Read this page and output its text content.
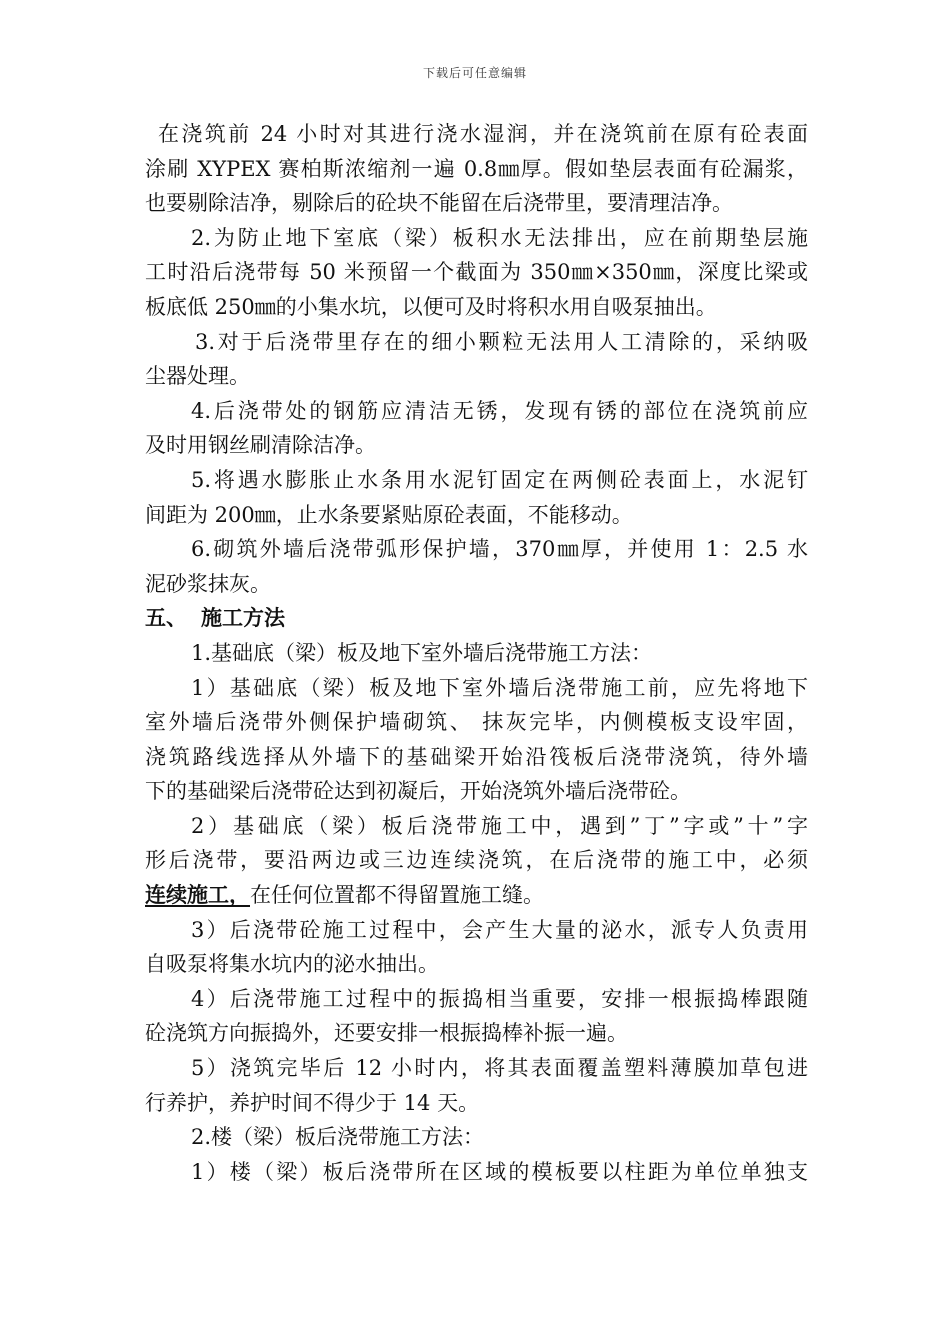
下载后可任意编辑
在浇筑前 24 小时对其进行浇水湿润，并在浇筑前在原有砼表面
涂刷 XYPEX 赛柏斯浓缩剂一遍 0.8㎜厚。假如垫层表面有砼漏浆，
也要剔除洁净，剔除后的砼块不能留在后浇带里，要清理洁净。
2.为防止地下室底（梁）板积水无法排出，应在前期垫层施
工时沿后浇带每 50 米预留一个截面为 350㎜×350㎜，深度比梁或
板底低 250㎜的小集水坑，以便可及时将积水用自吸泵抽出。
3.对于后浇带里存在的细小颗粒无法用人工清除的，采纳吸
尘器处理。
4.后浇带处的钢筋应清洁无锈，发现有锈的部位在浇筑前应
及时用钢丝刷清除洁净。
5.将遇水膨胀止水条用水泥钉固定在两侧砼表面上，水泥钉
间距为 200㎜，止水条要紧贴原砼表面，不能移动。
6.砌筑外墙后浇带弧形保护墙，370㎜厚，并使用 1：2.5 水
泥砂浆抹灰。
五、 施工方法
1.基础底（梁）板及地下室外墙后浇带施工方法：
1）基础底（梁）板及地下室外墙后浇带施工前，应先将地下
室外墙后浇带外侧保护墙砌筑、 抹灰完毕，内侧模板支设牢固，
浇筑路线选择从外墙下的基础梁开始沿筏板后浇带浇筑，待外墙
下的基础梁后浇带砼达到初凝后，开始浇筑外墙后浇带砼。
2）基础底（梁）板后浇带施工中，遇到”丁”字或”十”字
形后浇带，要沿两边或三边连续浇筑，在后浇带的施工中，必须
连续施工，在任何位置都不得留置施工缝。
3）后浇带砼施工过程中，会产生大量的泌水，派专人负责用
自吸泵将集水坑内的泌水抽出。
4）后浇带施工过程中的振捣相当重要，安排一根振捣棒跟随
砼浇筑方向振捣外，还要安排一根振捣棒补振一遍。
5）浇筑完毕后 12 小时内，将其表面覆盖塑料薄膜加草包进
行养护，养护时间不得少于 14 天。
2.楼（梁）板后浇带施工方法：
1）楼（梁）板后浇带所在区域的模板要以柱距为单位单独支
